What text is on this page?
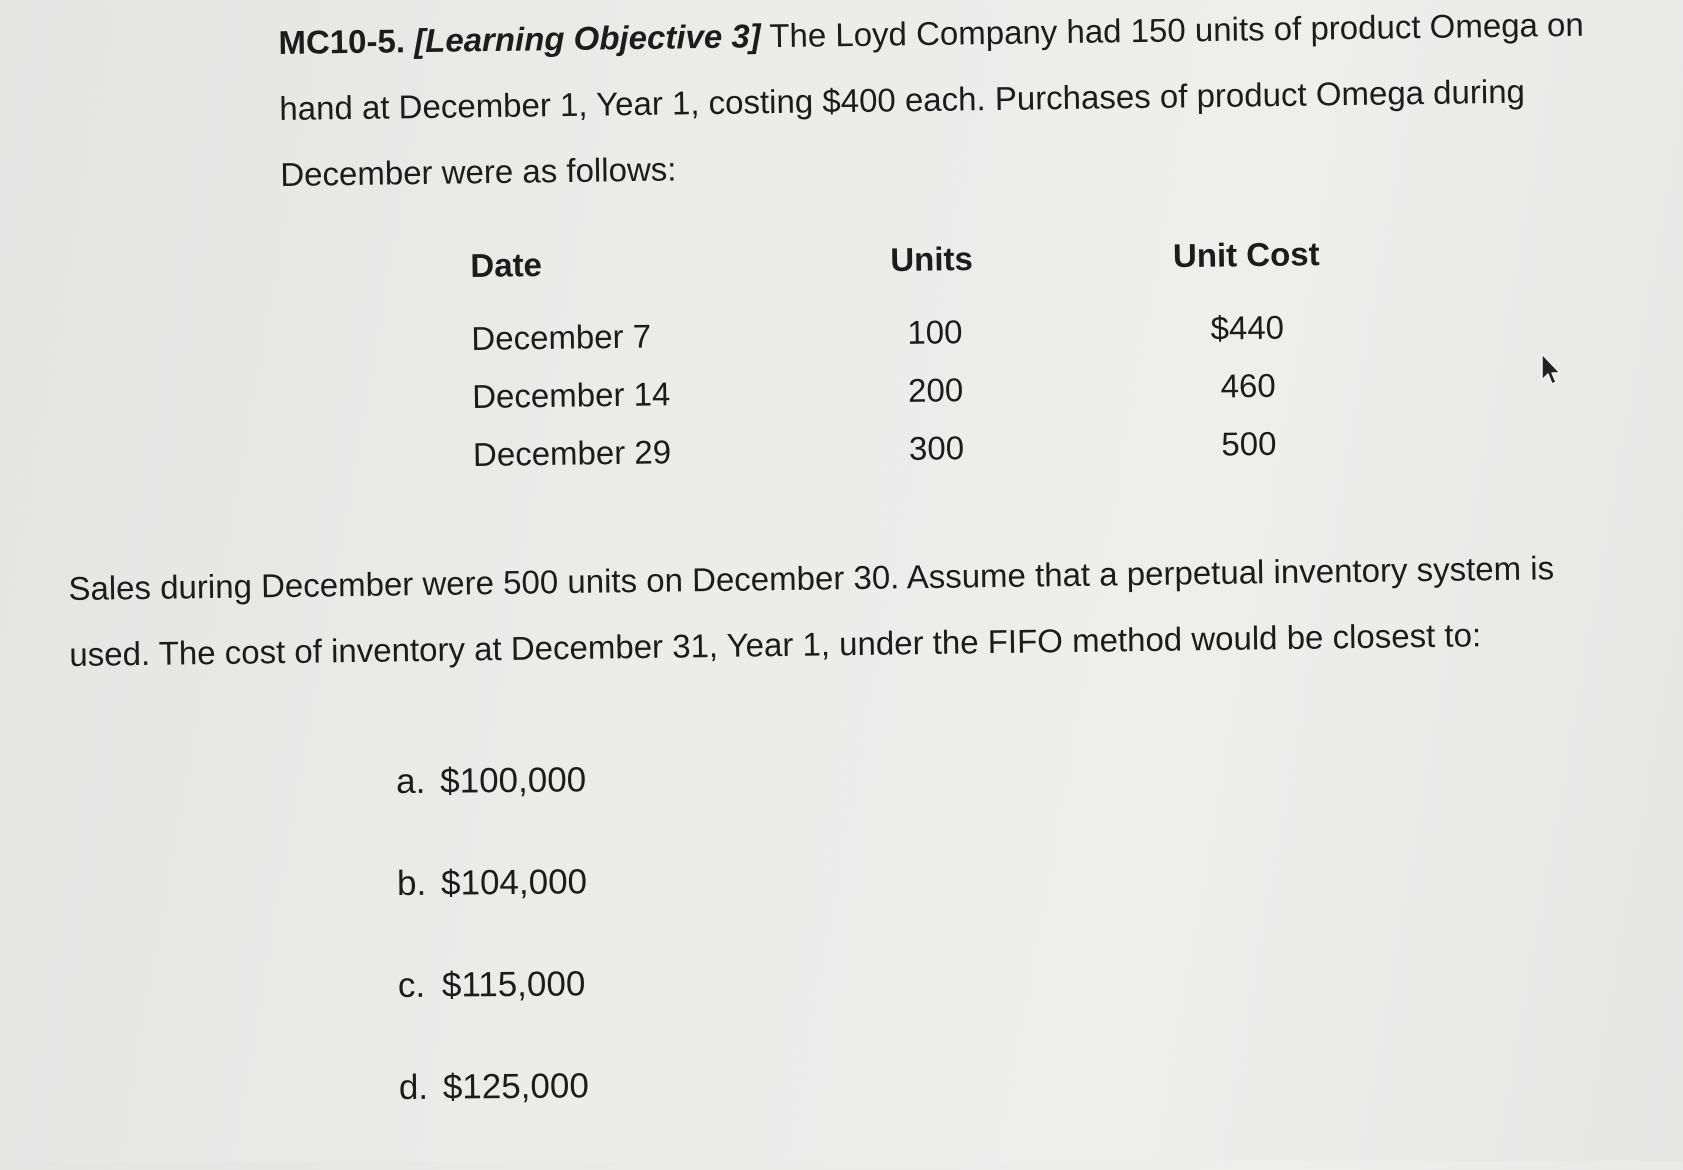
MC10-5. [Learning Objective 3] The Loyd Company had 150 units of product Omega on hand at December 1, Year 1, costing $400 each. Purchases of product Omega during December were as follows:

Date	Units	Unit Cost
December 7	100	$440
December 14	200	460
December 29	300	500

Sales during December were 500 units on December 30. Assume that a perpetual inventory system is used. The cost of inventory at December 31, Year 1, under the FIFO method would be closest to:

a. $100,000
b. $104,000
c. $115,000
d. $125,000
